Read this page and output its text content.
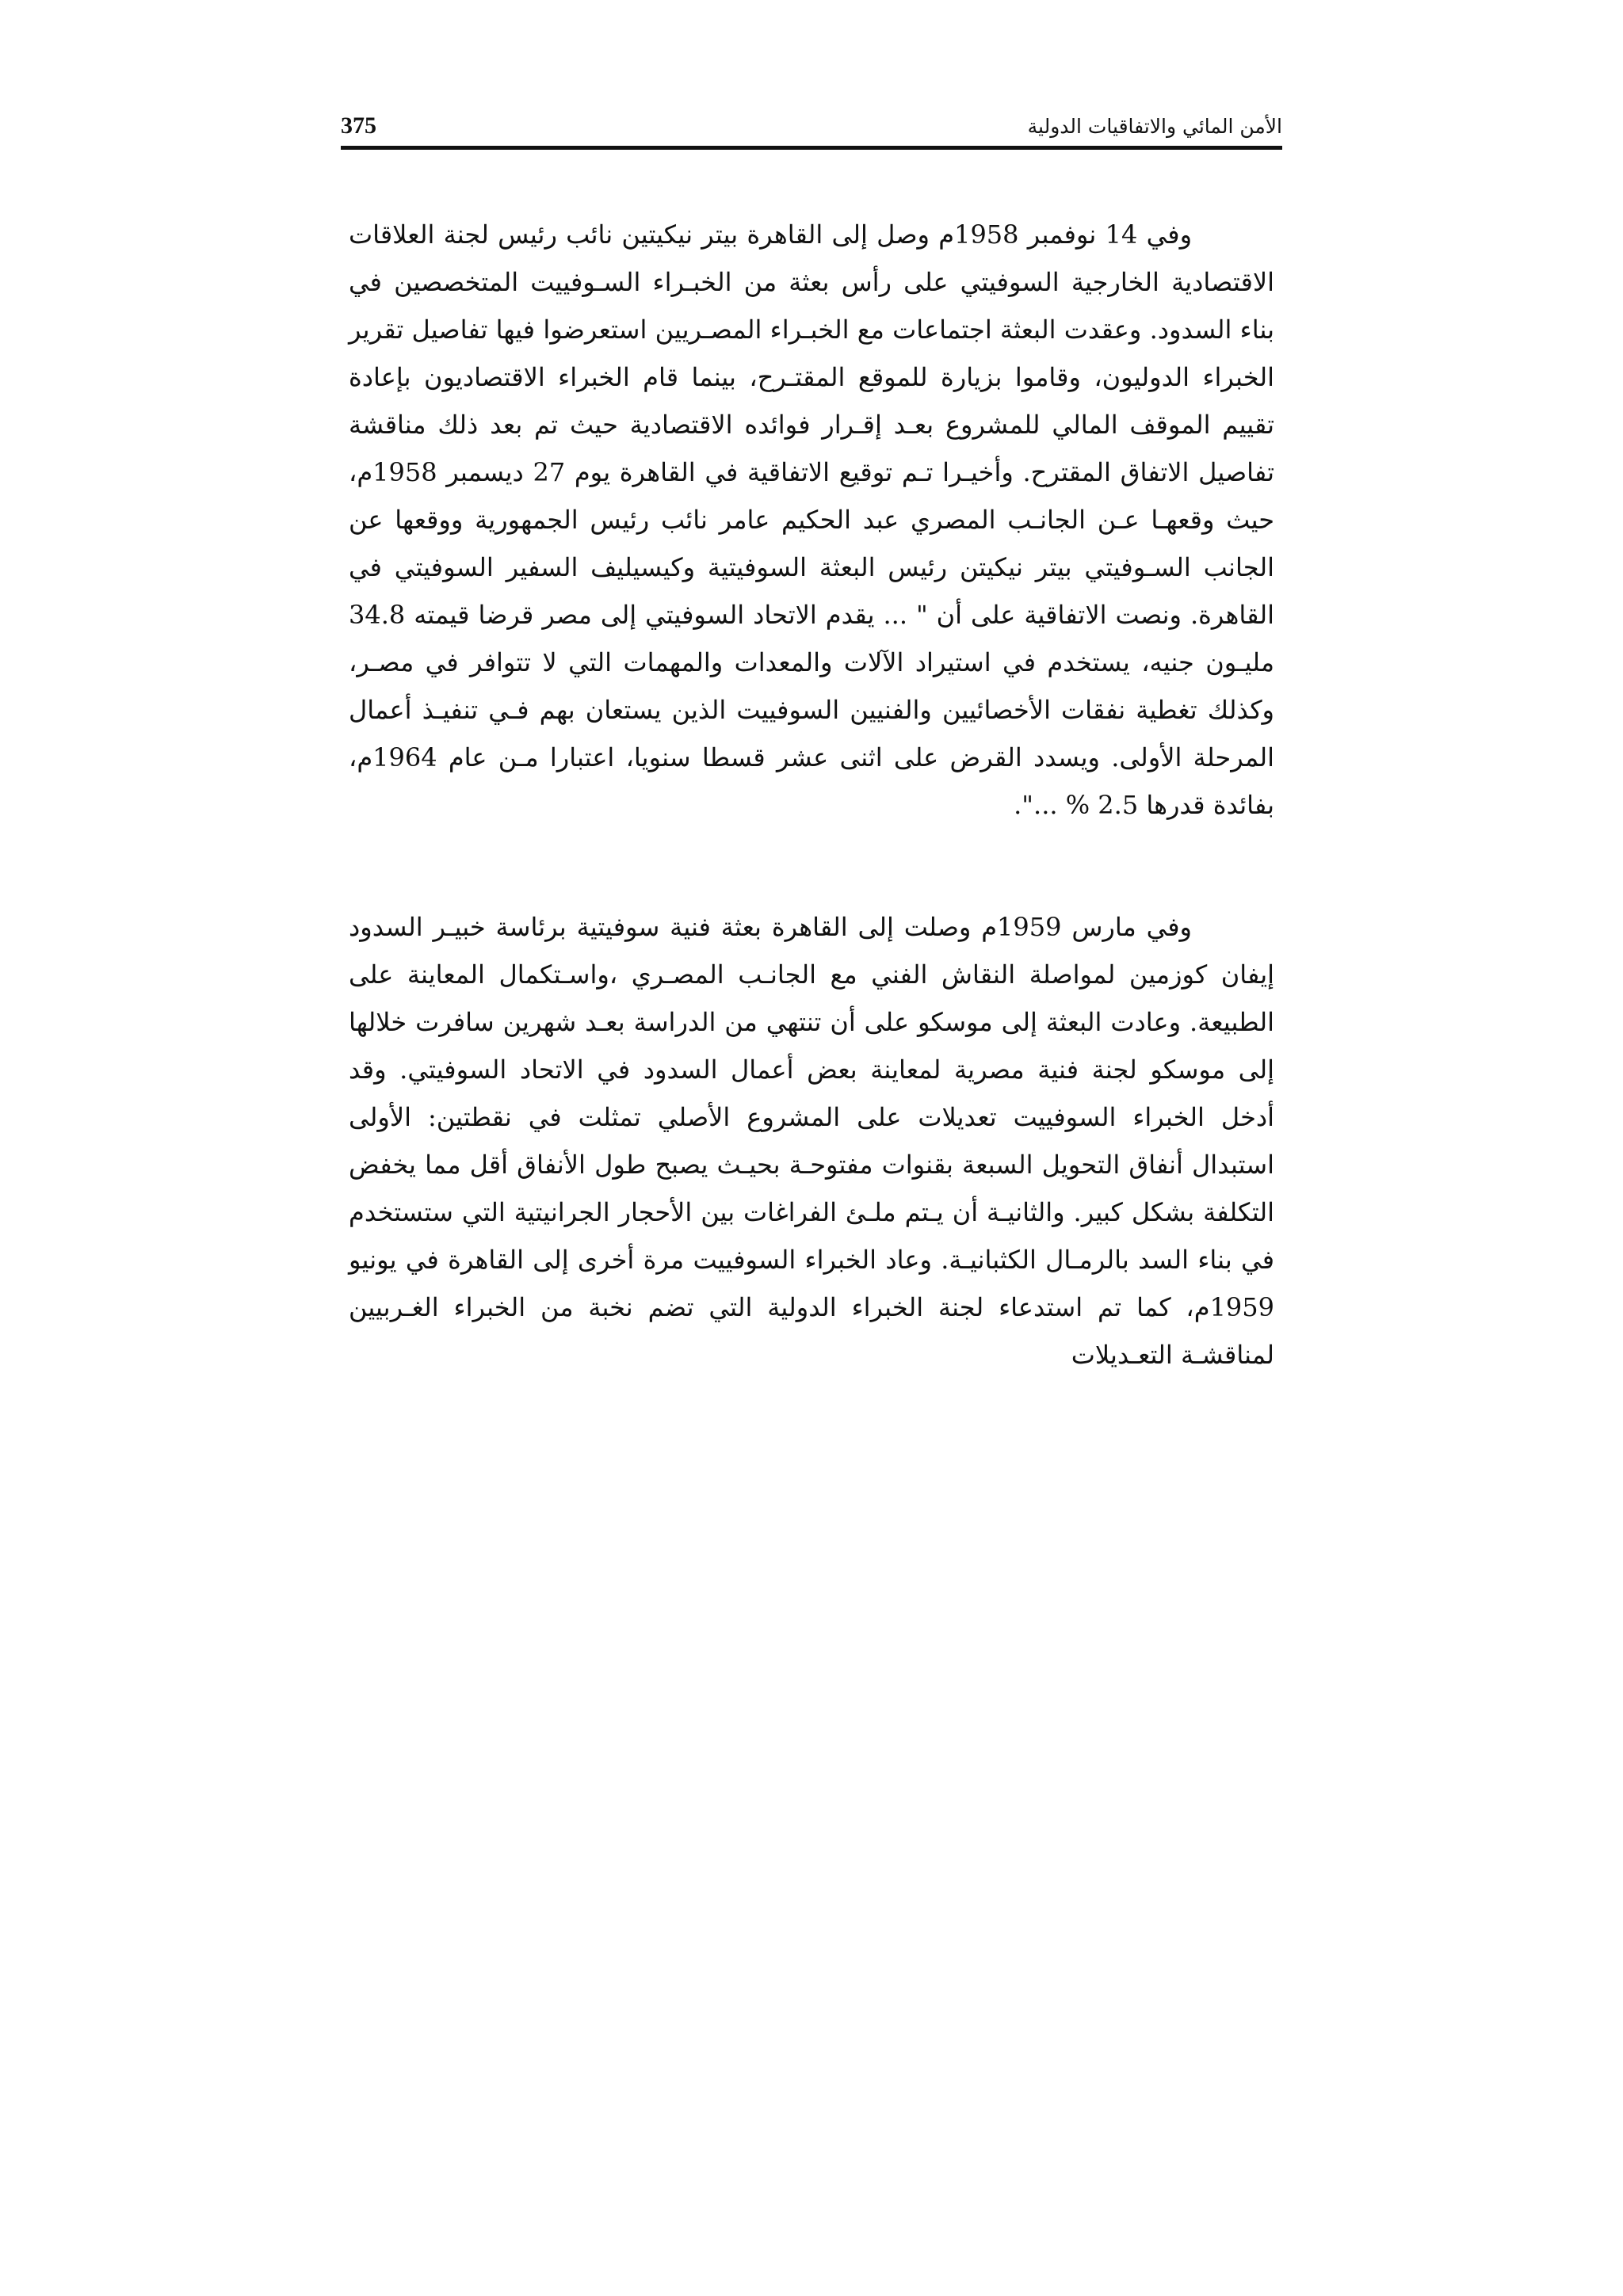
الأمن المائي والاتفاقيات الدولية
375

وفي 14 نوفمبر 1958م وصل إلى القاهرة بيتر نيكيتين نائب رئيس لجنة العلاقات الاقتصادية الخارجية السوفيتي على رأس بعثة من الخبـراء السـوفييت المتخصصين في بناء السدود. وعقدت البعثة اجتماعات مع الخبـراء المصـريين استعرضوا فيها تفاصيل تقرير الخبراء الدوليون، وقاموا بزيارة للموقع المقتـرح، بينما قام الخبراء الاقتصاديون بإعادة تقييم الموقف المالي للمشروع بعـد إقـرار فوائده الاقتصادية حيث تم بعد ذلك مناقشة تفاصيل الاتفاق المقترح. وأخيـرا تـم توقيع الاتفاقية في القاهرة يوم 27 ديسمبر 1958م، حيث وقعهـا عـن الجانـب المصري عبد الحكيم عامر نائب رئيس الجمهورية ووقعها عن الجانب السـوفيتي بيتر نيكيتن رئيس البعثة السوفيتية وكيسيليف السفير السوفيتي في القاهرة. ونصت الاتفاقية على أن " ... يقدم الاتحاد السوفيتي إلى مصر قرضا قيمته 34.8 مليـون جنيه، يستخدم في استيراد الآلات والمعدات والمهمات التي لا تتوافر في مصـر، وكذلك تغطية نفقات الأخصائيين والفنيين السوفييت الذين يستعان بهم فـي تنفيـذ أعمال المرحلة الأولى. ويسدد القرض على اثنى عشر قسطا سنويا، اعتبارا مـن عام 1964م، بفائدة قدرها 2.5 % ...".

وفي مارس 1959م وصلت إلى القاهرة بعثة فنية سوفيتية برئاسة خبيـر السدود إيفان كوزمين لمواصلة النقاش الفني مع الجانـب المصـري ،واسـتكمال المعاينة على الطبيعة. وعادت البعثة إلى موسكو على أن تنتهي من الدراسة بعـد شهرين سافرت خلالها إلى موسكو لجنة فنية مصرية لمعاينة بعض أعمال السدود في الاتحاد السوفيتي. وقد أدخل الخبراء السوفييت تعديلات على المشروع الأصلي تمثلت في نقطتين: الأولى استبدال أنفاق التحويل السبعة بقنوات مفتوحـة بحيـث يصبح طول الأنفاق أقل مما يخفض التكلفة بشكل كبير. والثانيـة أن يـتم ملـئ الفراغات بين الأحجار الجرانيتية التي ستستخدم في بناء السد بالرمـال الكثبانيـة. وعاد الخبراء السوفييت مرة أخرى إلى القاهرة في يونيو 1959م، كما تم استدعاء لجنة الخبراء الدولية التي تضم نخبة من الخبراء الغـربيين لمناقشـة التعـديلات
